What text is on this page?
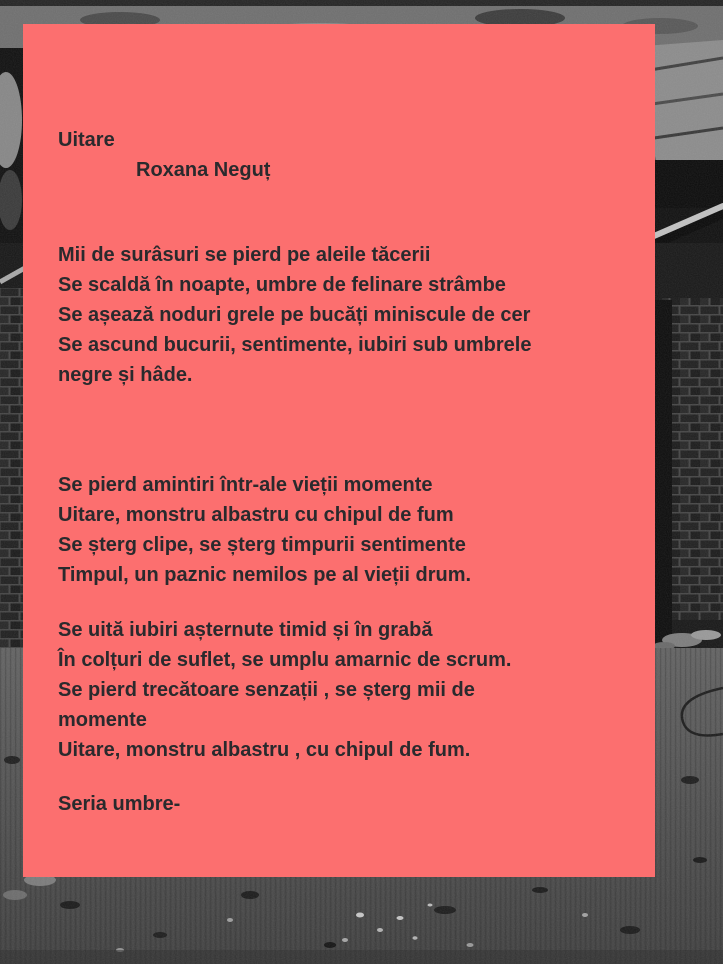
Uitare
Roxana Neguț
Mii de surâsuri se pierd pe aleile tăcerii
Se scaldă în noapte, umbre de felinare strâmbe
Se așează noduri grele pe bucăți miniscule de cer
Se ascund bucurii, sentimente, iubiri sub umbrele
negre și hâde.
Se pierd amintiri într-ale vieții momente
Uitare, monstru albastru cu chipul de fum
Se șterg clipe, se șterg timpurii sentimente
Timpul, un paznic nemilos pe al vieții drum.
Se uită iubiri așternute timid și în grabă
În colțuri de suflet, se umplu amarnic de scrum.
Se pierd trecătoare senzații , se șterg mii de
momente
Uitare, monstru albastru , cu chipul de fum.
Seria umbre-
